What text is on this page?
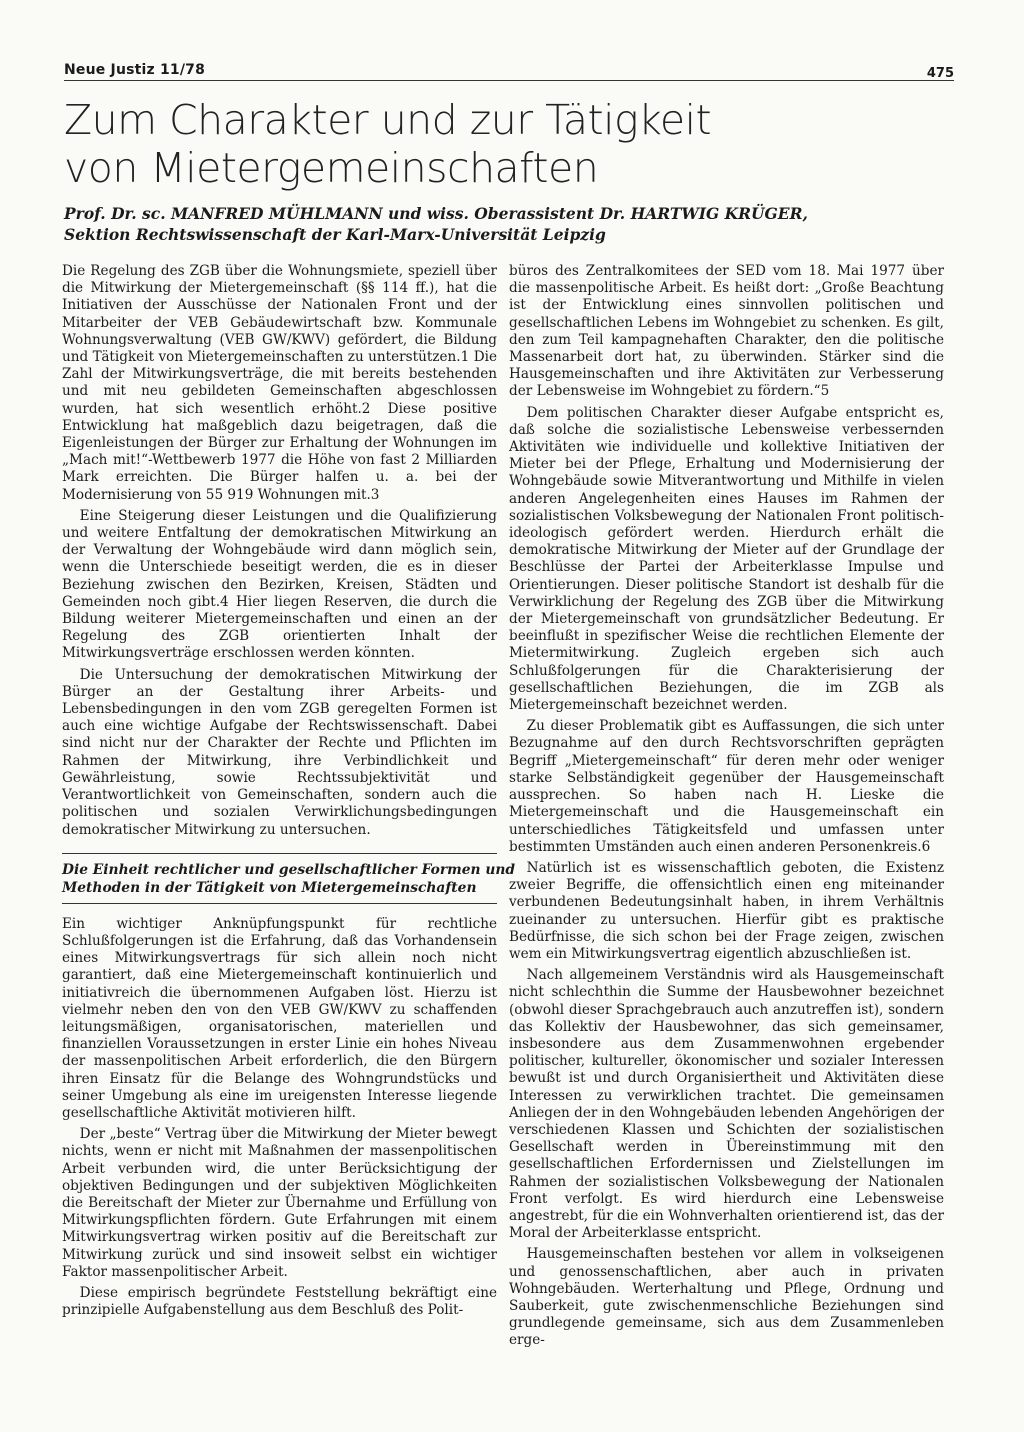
Neue Justiz 11/78	475
Zum Charakter und zur Tätigkeit
von Mietergemeinschaften
Prof. Dr. sc. MANFRED MÜHLMANN und wiss. Oberassistent Dr. HARTWIG KRÜGER,
Sektion Rechtswissenschaft der Karl-Marx-Universität Leipzig

Die Regelung des ZGB über die Wohnungsmiete, speziell über die Mitwirkung der Mietergemeinschaft (§§ 114 ff.), hat die Initiativen der Ausschüsse der Nationalen Front und der Mitarbeiter der VEB Gebäudewirtschaft bzw. Kommunale Wohnungsverwaltung (VEB GW/KWV) gefördert, die Bildung und Tätigkeit von Mietergemeinschaften zu unterstützen.1 Die Zahl der Mitwirkungsverträge, die mit bereits bestehenden und mit neu gebildeten Gemeinschaften abgeschlossen wurden, hat sich wesentlich erhöht.2 Diese positive Entwicklung hat maßgeblich dazu beigetragen, daß die Eigenleistungen der Bürger zur Erhaltung der Wohnungen im „Mach mit!“-Wettbewerb 1977 die Höhe von fast 2 Milliarden Mark erreichten. Die Bürger halfen u. a. bei der Modernisierung von 55 919 Wohnungen mit.3

Eine Steigerung dieser Leistungen und die Qualifizierung und weitere Entfaltung der demokratischen Mitwirkung an der Verwaltung der Wohngebäude wird dann möglich sein, wenn die Unterschiede beseitigt werden, die es in dieser Beziehung zwischen den Bezirken, Kreisen, Städten und Gemeinden noch gibt.4 Hier liegen Reserven, die durch die Bildung weiterer Mietergemeinschaften und einen an der Regelung des ZGB orientierten Inhalt der Mitwirkungsverträge erschlossen werden könnten.

Die Untersuchung der demokratischen Mitwirkung der Bürger an der Gestaltung ihrer Arbeits- und Lebensbedingungen in den vom ZGB geregelten Formen ist auch eine wichtige Aufgabe der Rechtswissenschaft. Dabei sind nicht nur der Charakter der Rechte und Pflichten im Rahmen der Mitwirkung, ihre Verbindlichkeit und Gewährleistung, sowie Rechtssubjektivität und Verantwortlichkeit von Gemeinschaften, sondern auch die politischen und sozialen Verwirklichungsbedingungen demokratischer Mitwirkung zu untersuchen.

Die Einheit rechtlicher und gesellschaftlicher Formen und
Methoden in der Tätigkeit von Mietergemeinschaften

Ein wichtiger Anknüpfungspunkt für rechtliche Schlußfolgerungen ist die Erfahrung, daß das Vorhandensein eines Mitwirkungsvertrags für sich allein noch nicht garantiert, daß eine Mietergemeinschaft kontinuierlich und initiativreich die übernommenen Aufgaben löst. Hierzu ist vielmehr neben den von den VEB GW/KWV zu schaffenden leitungsmäßigen, organisatorischen, materiellen und finanziellen Voraussetzungen in erster Linie ein hohes Niveau der massenpolitischen Arbeit erforderlich, die den Bürgern ihren Einsatz für die Belange des Wohngrundstücks und seiner Umgebung als eine im ureigensten Interesse liegende gesellschaftliche Aktivität motivieren hilft.

Der „beste“ Vertrag über die Mitwirkung der Mieter bewegt nichts, wenn er nicht mit Maßnahmen der massenpolitischen Arbeit verbunden wird, die unter Berücksichtigung der objektiven Bedingungen und der subjektiven Möglichkeiten die Bereitschaft der Mieter zur Übernahme und Erfüllung von Mitwirkungspflichten fördern. Gute Erfahrungen mit einem Mitwirkungsvertrag wirken positiv auf die Bereitschaft zur Mitwirkung zurück und sind insoweit selbst ein wichtiger Faktor massenpolitischer Arbeit.

Diese empirisch begründete Feststellung bekräftigt eine prinzipielle Aufgabenstellung aus dem Beschluß des Polit-

büros des Zentralkomitees der SED vom 18. Mai 1977 über die massenpolitische Arbeit. Es heißt dort: „Große Beachtung ist der Entwicklung eines sinnvollen politischen und gesellschaftlichen Lebens im Wohngebiet zu schenken. Es gilt, den zum Teil kampagnehaften Charakter, den die politische Massenarbeit dort hat, zu überwinden. Stärker sind die Hausgemeinschaften und ihre Aktivitäten zur Verbesserung der Lebensweise im Wohngebiet zu fördern.“5

Dem politischen Charakter dieser Aufgabe entspricht es, daß solche die sozialistische Lebensweise verbessernden Aktivitäten wie individuelle und kollektive Initiativen der Mieter bei der Pflege, Erhaltung und Modernisierung der Wohngebäude sowie Mitverantwortung und Mithilfe in vielen anderen Angelegenheiten eines Hauses im Rahmen der sozialistischen Volksbewegung der Nationalen Front politisch-ideologisch gefördert werden. Hierdurch erhält die demokratische Mitwirkung der Mieter auf der Grundlage der Beschlüsse der Partei der Arbeiterklasse Impulse und Orientierungen. Dieser politische Standort ist deshalb für die Verwirklichung der Regelung des ZGB über die Mitwirkung der Mietergemeinschaft von grundsätzlicher Bedeutung. Er beeinflußt in spezifischer Weise die rechtlichen Elemente der Mietermitwirkung. Zugleich ergeben sich auch Schlußfolgerungen für die Charakterisierung der gesellschaftlichen Beziehungen, die im ZGB als Mietergemeinschaft bezeichnet werden.

Zu dieser Problematik gibt es Auffassungen, die sich unter Bezugnahme auf den durch Rechtsvorschriften geprägten Begriff „Mietergemeinschaft“ für deren mehr oder weniger starke Selbständigkeit gegenüber der Hausgemeinschaft aussprechen. So haben nach H. Lieske die Mietergemeinschaft und die Hausgemeinschaft ein unterschiedliches Tätigkeitsfeld und umfassen unter bestimmten Umständen auch einen anderen Personenkreis.6

Natürlich ist es wissenschaftlich geboten, die Existenz zweier Begriffe, die offensichtlich einen eng miteinander verbundenen Bedeutungsinhalt haben, in ihrem Verhältnis zueinander zu untersuchen. Hierfür gibt es praktische Bedürfnisse, die sich schon bei der Frage zeigen, zwischen wem ein Mitwirkungsvertrag eigentlich abzuschließen ist.

Nach allgemeinem Verständnis wird als Hausgemeinschaft nicht schlechthin die Summe der Hausbewohner bezeichnet (obwohl dieser Sprachgebrauch auch anzutreffen ist), sondern das Kollektiv der Hausbewohner, das sich gemeinsamer, insbesondere aus dem Zusammenwohnen ergebender politischer, kultureller, ökonomischer und sozialer Interessen bewußt ist und durch Organisiertheit und Aktivitäten diese Interessen zu verwirklichen trachtet. Die gemeinsamen Anliegen der in den Wohngebäuden lebenden Angehörigen der verschiedenen Klassen und Schichten der sozialistischen Gesellschaft werden in Übereinstimmung mit den gesellschaftlichen Erfordernissen und Zielstellungen im Rahmen der sozialistischen Volksbewegung der Nationalen Front verfolgt. Es wird hierdurch eine Lebensweise angestrebt, für die ein Wohnverhalten orientierend ist, das der Moral der Arbeiterklasse entspricht.

Hausgemeinschaften bestehen vor allem in volkseigenen und genossenschaftlichen, aber auch in privaten Wohngebäuden. Werterhaltung und Pflege, Ordnung und Sauberkeit, gute zwischenmenschliche Beziehungen sind grundlegende gemeinsame, sich aus dem Zusammenleben erge-
